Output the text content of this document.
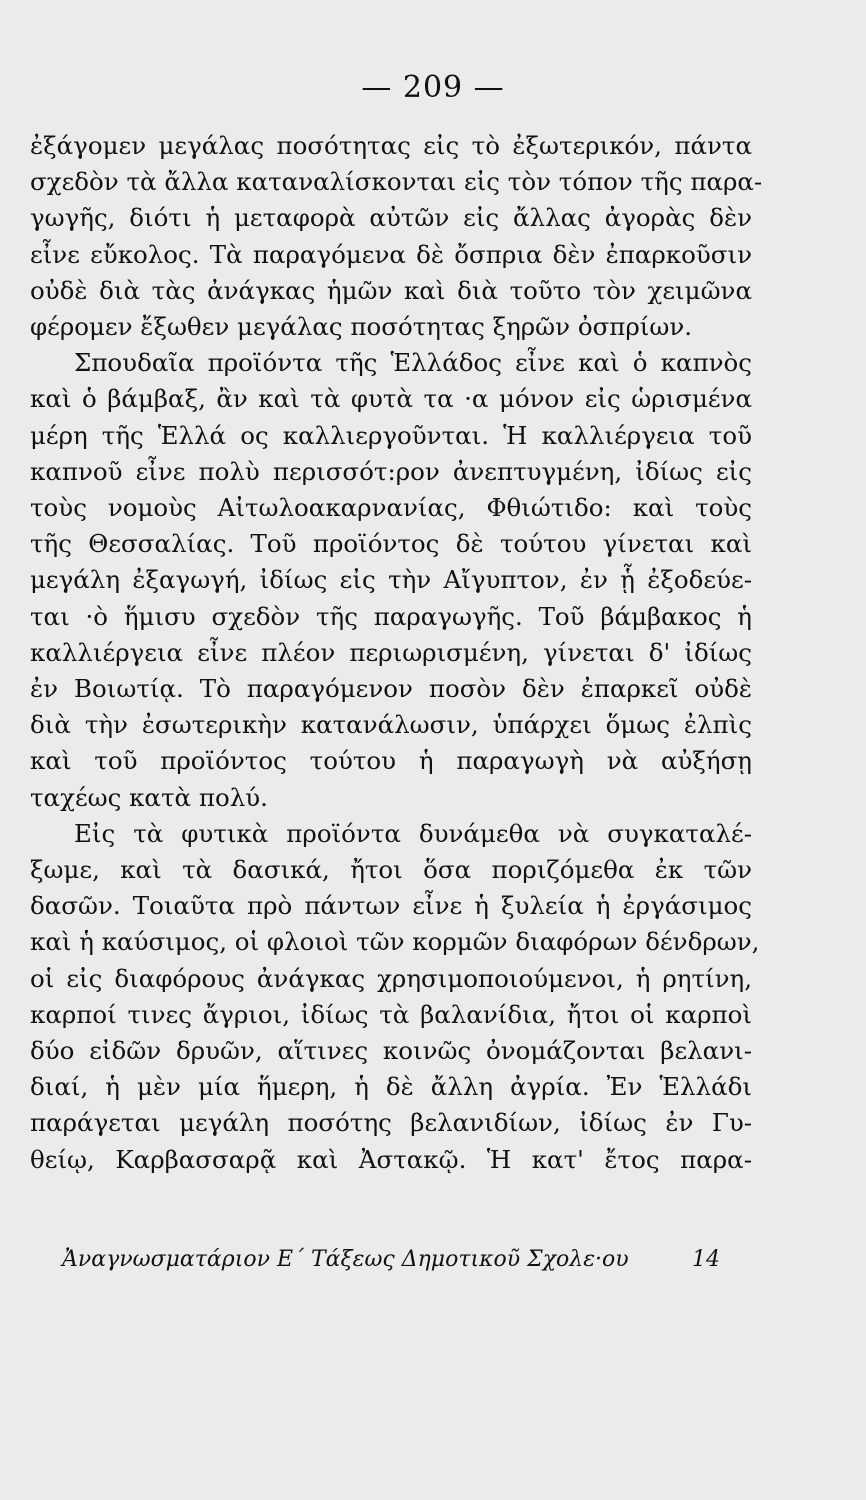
— 209 —
ἐξάγομεν μεγάλας ποσότητας εἰς τὸ ἐξωτερικόν, πάντα
σχεδὸν τὰ ἄλλα καταναλίσκονται εἰς τὸν τόπον τῆς παρα-
γωγῆς, διότι ἡ μεταφορὰ αὐτῶν εἰς ἄλλας ἀγορὰς δὲν
εἶνε εὔκολος. Τὰ παραγόμενα δὲ ὄσπρια δὲν ἐπαρκοῦσιν
οὐδὲ διὰ τὰς ἀνάγκας ἡμῶν καὶ διὰ τοῦτο τὸν χειμῶνα
φέρομεν ἔξωθεν μεγάλας ποσότητας ξηρῶν ὀσπρίων.
Σπουδαῖα προϊόντα τῆς Ἑλλάδος εἶνε καὶ ὁ καπνὸς
καὶ ὁ βάμβαξ, ἂν καὶ τὰ φυτὰ τα ·α μόνον εἰς ὡρισμένα
μέρη τῆς Ἑλλά ος καλλιεργοῦνται. Ἡ καλλιέργεια τοῦ
καπνοῦ εἶνε πολὺ περισσότ:ρον ἀνεπτυγμένη, ἰδίως εἰς
τοὺς νομοὺς Αἰτωλοακαρνανίας, Φθιώτιδο: καὶ τοὺς
τῆς Θεσσαλίας. Τοῦ προϊόντος δὲ τούτου γίνεται καὶ
μεγάλη ἐξαγωγή, ἰδίως εἰς τὴν Αἴγυπτον, ἐν ᾗ ἐξοδεύε-
ται ·ὸ ἥμισυ σχεδὸν τῆς παραγωγῆς. Τοῦ βάμβακος ἡ
καλλιέργεια εἶνε πλέον περιωρισμένη, γίνεται δ' ἰδίως
ἐν Βοιωτίᾳ. Τὸ παραγόμενον ποσὸν δὲν ἐπαρκεῖ οὐδὲ
διὰ τὴν ἐσωτερικὴν κατανάλωσιν, ὑπάρχει ὅμως ἐλπὶς
καὶ τοῦ προϊόντος τούτου ἡ παραγωγὴ νὰ αὐξήσῃ
ταχέως κατὰ πολύ.
Εἰς τὰ φυτικὰ προϊόντα δυνάμεθα νὰ συγκαταλέ-
ξωμε, καὶ τὰ δασικά, ἤτοι ὅσα ποριζόμεθα ἐκ τῶν
δασῶν. Τοιαῦτα πρὸ πάντων εἶνε ἡ ξυλεία ἡ ἐργάσιμος
καὶ ἡ καύσιμος, οἱ φλοιοὶ τῶν κορμῶν διαφόρων δένδρων,
οἱ εἰς διαφόρους ἀνάγκας χρησιμοποιούμενοι, ἡ ρητίνη,
καρποί τινες ἄγριοι, ἰδίως τὰ βαλανίδια, ἤτοι οἱ καρποὶ
δύο εἰδῶν δρυῶν, αἵτινες κοινῶς ὀνομάζονται βελανι-
διαί, ἡ μὲν μία ἥμερη, ἡ δὲ ἄλλη ἀγρία. Ἐν Ἑλλάδι
παράγεται μεγάλη ποσότης βελανιδίων, ἰδίως ἐν Γυ-
θείῳ, Καρβασσαρᾷ καὶ Ἀστακῷ. Ἡ κατ' ἔτος παρα-
Ἀναγνωσματάριον Ε΄ Τάξεως Δημοτικοῦ Σχολε·ου	14
